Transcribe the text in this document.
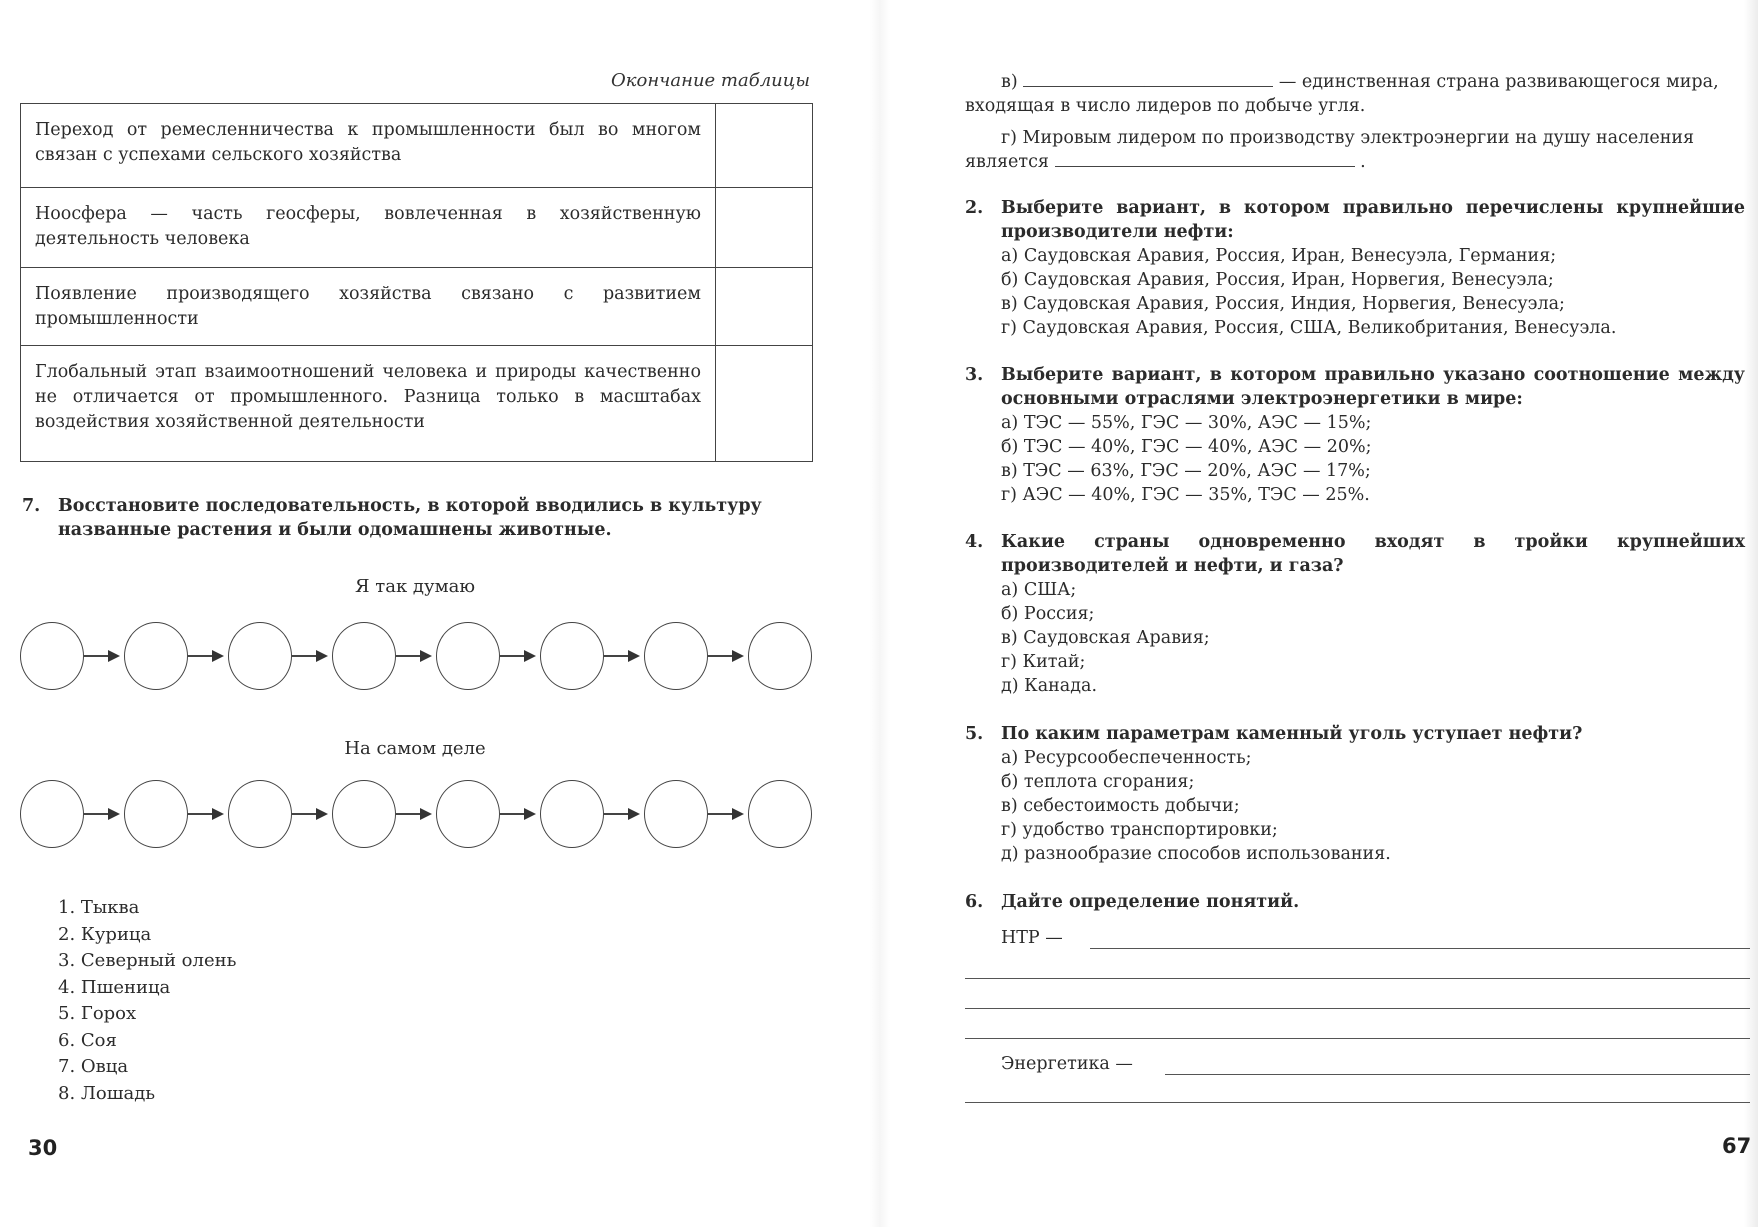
Окончание таблицы
Переход от ремесленничества к промышленности был во многом связан с успехами сельского хозяйства	
Ноосфера — часть геосферы, вовлеченная в хозяйственную деятельность человека	
Появление производящего хозяйства связано с развитием промышленности	
Глобальный этап взаимоотношений человека и природы качественно не отличается от промышленного. Разница только в масштабах воздействия хозяйственной деятельности	
7. Восстановите последовательность, в которой вводились в культуру названные растения и были одомашнены животные.
Я так думаю
На самом деле
1. Тыква
2. Курица
3. Северный олень
4. Пшеница
5. Горох
6. Соя
7. Овца
8. Лошадь
30
в)	— единственная страна развивающегося мира,
входящая в число лидеров по добыче угля.
г) Мировым лидером по производству электроэнергии на душу населения
является	.
2. Выберите вариант, в котором правильно перечислены крупнейшие производители нефти:
а) Саудовская Аравия, Россия, Иран, Венесуэла, Германия;
б) Саудовская Аравия, Россия, Иран, Норвегия, Венесуэла;
в) Саудовская Аравия, Россия, Индия, Норвегия, Венесуэла;
г) Саудовская Аравия, Россия, США, Великобритания, Венесуэла.
3. Выберите вариант, в котором правильно указано соотношение между основными отраслями электроэнергетики в мире:
а) ТЭС — 55%, ГЭС — 30%, АЭС — 15%;
б) ТЭС — 40%, ГЭС — 40%, АЭС — 20%;
в) ТЭС — 63%, ГЭС — 20%, АЭС — 17%;
г) АЭС — 40%, ГЭС — 35%, ТЭС — 25%.
4. Какие страны одновременно входят в тройки крупнейших производителей и нефти, и газа?
а) США;
б) Россия;
в) Саудовская Аравия;
г) Китай;
д) Канада.
5. По каким параметрам каменный уголь уступает нефти?
а) Ресурсообеспеченность;
б) теплота сгорания;
в) себестоимость добычи;
г) удобство транспортировки;
д) разнообразие способов использования.
6. Дайте определение понятий.
НТР —
Энергетика —
67
